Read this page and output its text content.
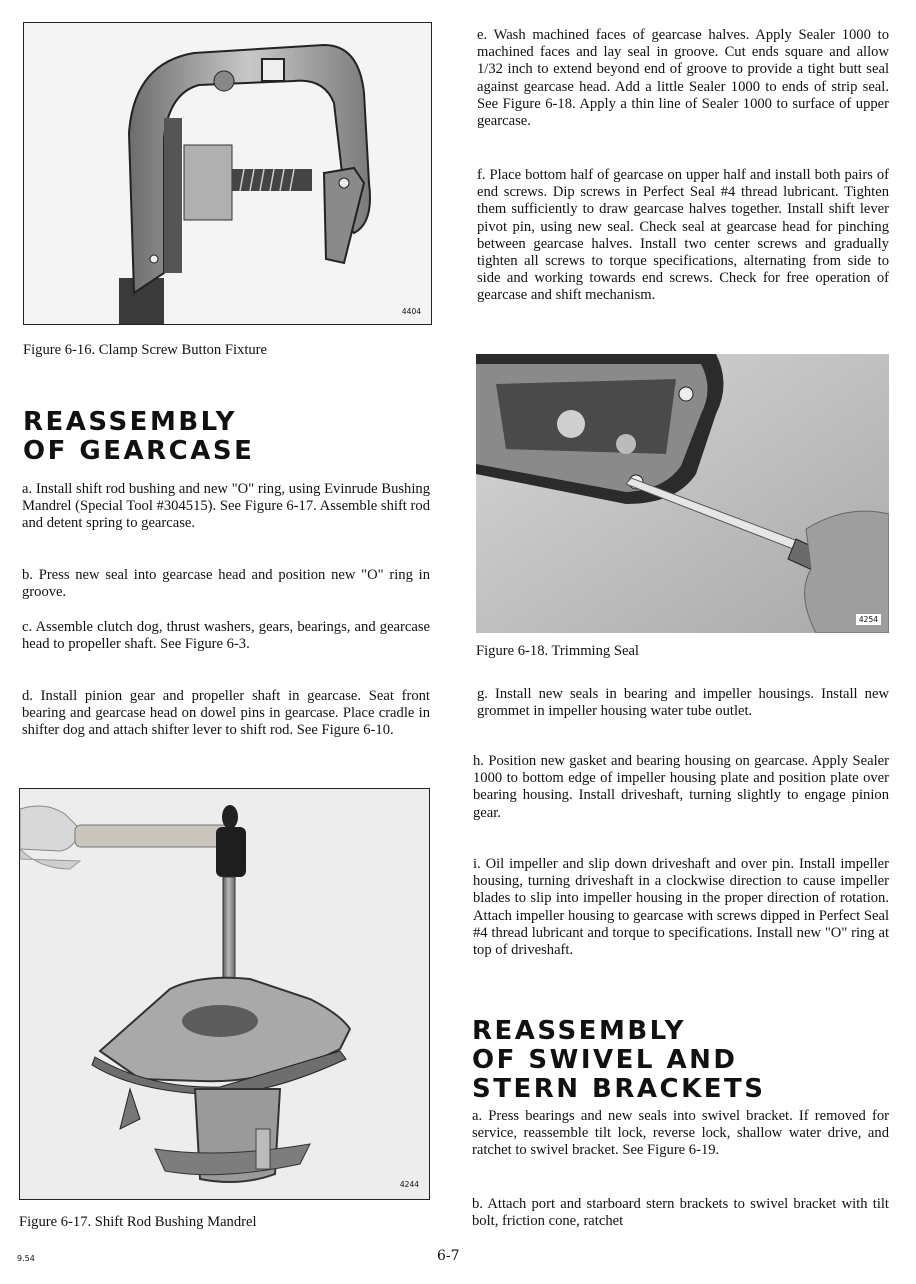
4404
Figure 6-16. Clamp Screw Button Fixture
REASSEMBLY
OF GEARCASE

a. Install shift rod bushing and new "O" ring, using Evinrude Bushing Mandrel (Special Tool #304515). See Figure 6-17. Assemble shift rod and detent spring to gearcase.

b. Press new seal into gearcase head and position new "O" ring in groove.

c. Assemble clutch dog, thrust washers, gears, bearings, and gearcase head to propeller shaft. See Figure 6-3.

d. Install pinion gear and propeller shaft in gearcase. Seat front bearing and gearcase head on dowel pins in gearcase. Place cradle in shifter dog and attach shifter lever to shift rod. See Figure 6-10.

4244
Figure 6-17. Shift Rod Bushing Mandrel

e. Wash machined faces of gearcase halves. Apply Sealer 1000 to machined faces and lay seal in groove. Cut ends square and allow 1/32 inch to extend beyond end of groove to provide a tight butt seal against gearcase head. Add a little Sealer 1000 to ends of strip seal. See Figure 6-18. Apply a thin line of Sealer 1000 to surface of upper gearcase.

f. Place bottom half of gearcase on upper half and install both pairs of end screws. Dip screws in Perfect Seal #4 thread lubricant. Tighten them sufficiently to draw gearcase halves together. Install shift lever pivot pin, using new seal. Check seal at gearcase head for pinching between gearcase halves. Install two center screws and gradually tighten all screws to torque specifications, alternating from side to side and working towards end screws. Check for free operation of gearcase and shift mechanism.

4254
Figure 6-18. Trimming Seal

g. Install new seals in bearing and impeller housings. Install new grommet in impeller housing water tube outlet.

h. Position new gasket and bearing housing on gearcase. Apply Sealer 1000 to bottom edge of impeller housing plate and position plate over bearing housing. Install driveshaft, turning slightly to engage pinion gear.

i. Oil impeller and slip down driveshaft and over pin. Install impeller housing, turning driveshaft in a clockwise direction to cause impeller blades to slip into impeller housing in the proper direction of rotation. Attach impeller housing to gearcase with screws dipped in Perfect Seal #4 thread lubricant and torque to specifications. Install new "O" ring at top of driveshaft.

REASSEMBLY
OF SWIVEL AND
STERN BRACKETS

a. Press bearings and new seals into swivel bracket. If removed for service, reassemble tilt lock, reverse lock, shallow water drive, and ratchet to swivel bracket. See Figure 6-19.

b. Attach port and starboard stern brackets to swivel bracket with tilt bolt, friction cone, ratchet

9.54	6-7
